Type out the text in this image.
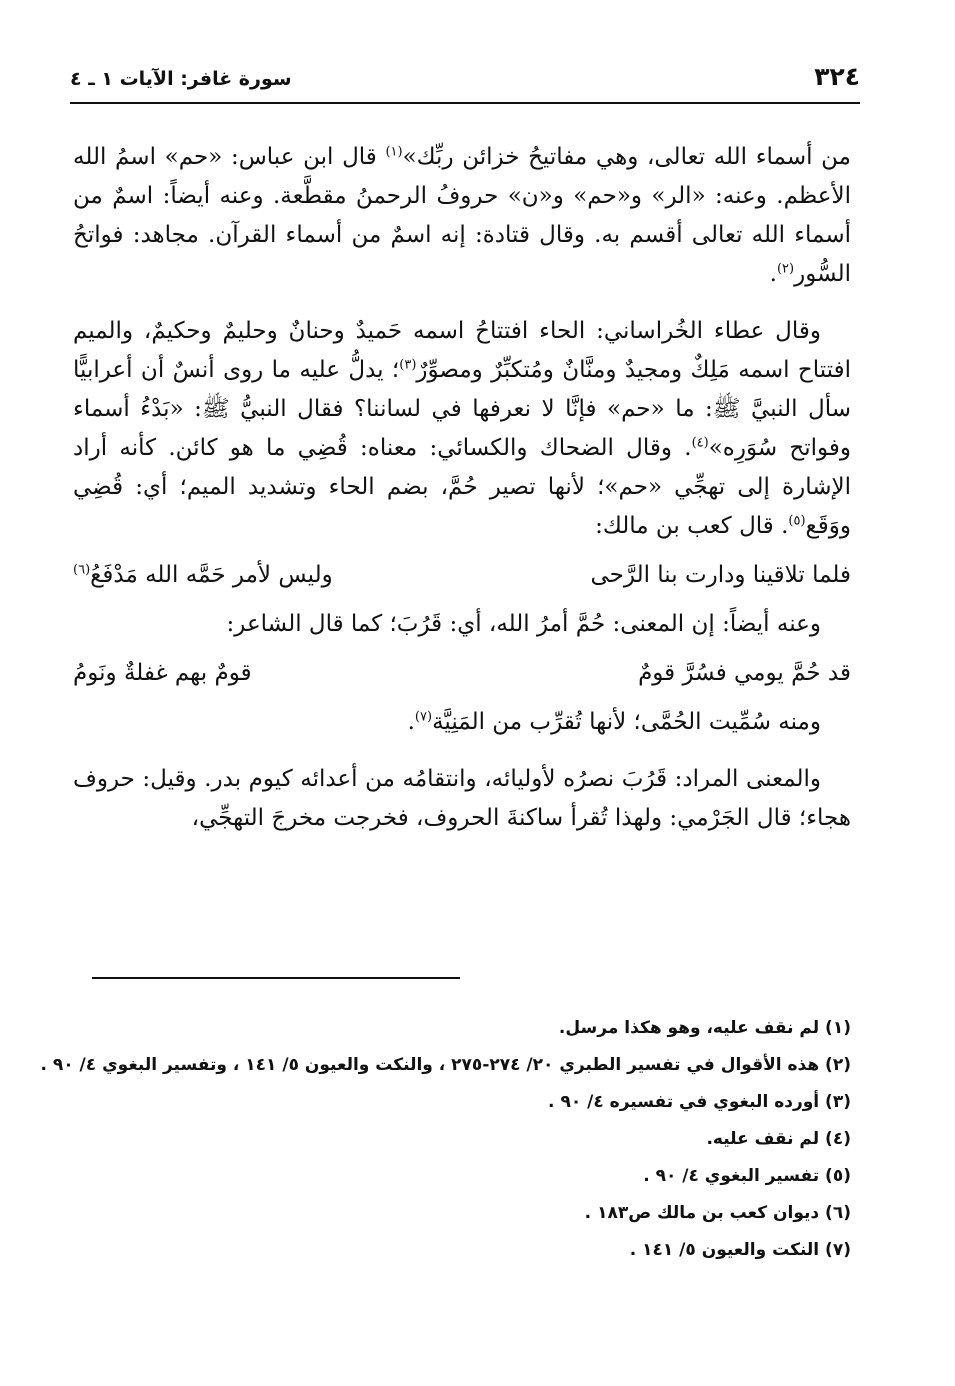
٣٢٤
سورة غافر: الآيات ١ ـ ٤

من أسماء الله تعالى، وهي مفاتيحُ خزائن ربِّك»$^{(١)}$ قال ابن عباس: «حم» اسمُ الله الأعظم. وعنه: «الر» و«حم» و«ن» حروفُ الرحمنُ مقطَّعة. وعنه أيضاً: اسمٌ من أسماء الله تعالى أقسم به. وقال قتادة: إنه اسمٌ من أسماء القرآن. مجاهد: فواتحُ السُّور$^{(٢)}$.

وقال عطاء الخُراساني: الحاء افتتاحُ اسمه حَميدٌ وحنانٌ وحليمٌ وحكيمٌ، والميم افتتاح اسمه مَلِكٌ ومجيدٌ ومنَّانٌ ومُتكبِّرٌ ومصوِّرٌ$^{(٣)}$؛ يدلُّ عليه ما روى أنسٌ أن أعرابيًّا سأل النبيَّ ﷺ: ما «حم» فإنَّا لا نعرفها في لساننا؟ فقال النبيُّ ﷺ: «بَدْءُ أسماء وفواتح سُوَرِه»$^{(٤)}$. وقال الضحاك والكسائي: معناه: قُضِي ما هو كائن. كأنه أراد الإشارة إلى تهجِّي «حم»؛ لأنها تصير حُمَّ، بضم الحاء وتشديد الميم؛ أي: قُضِي ووَقَع$^{(٥)}$. قال كعب بن مالك:

فلما تلاقينا ودارت بنا الرَّحى
وليس لأمر حَمَّه الله مَدْفَعُ$^{(٦)}$

وعنه أيضاً: إن المعنى: حُمَّ أمرُ الله، أي: قَرُبَ؛ كما قال الشاعر:

قد حُمَّ يومي فسُرَّ قومٌ
قومٌ بهم غفلةٌ ونَومُ

ومنه سُمِّيت الحُمَّى؛ لأنها تُقرِّب من المَنِيَّة$^{(٧)}$.

والمعنى المراد: قَرُبَ نصرُه لأوليائه، وانتقامُه من أعدائه كيوم بدر. وقيل: حروف هجاء؛ قال الجَرْمي: ولهذا تُقرأ ساكنةَ الحروف، فخرجت مخرجَ التهجِّي،

(١) لم نقف عليه، وهو هكذا مرسل.
(٢) هذه الأقوال في تفسير الطبري ٢٠/ ٢٧٤-٢٧٥ ، والنكت والعيون ٥/ ١٤١ ، وتفسير البغوي ٤/ ٩٠ .
(٣) أورده البغوي في تفسيره ٤/ ٩٠ .
(٤) لم نقف عليه.
(٥) تفسير البغوي ٤/ ٩٠ .
(٦) ديوان كعب بن مالك ص١٨٣ .
(٧) النكت والعيون ٥/ ١٤١ .
